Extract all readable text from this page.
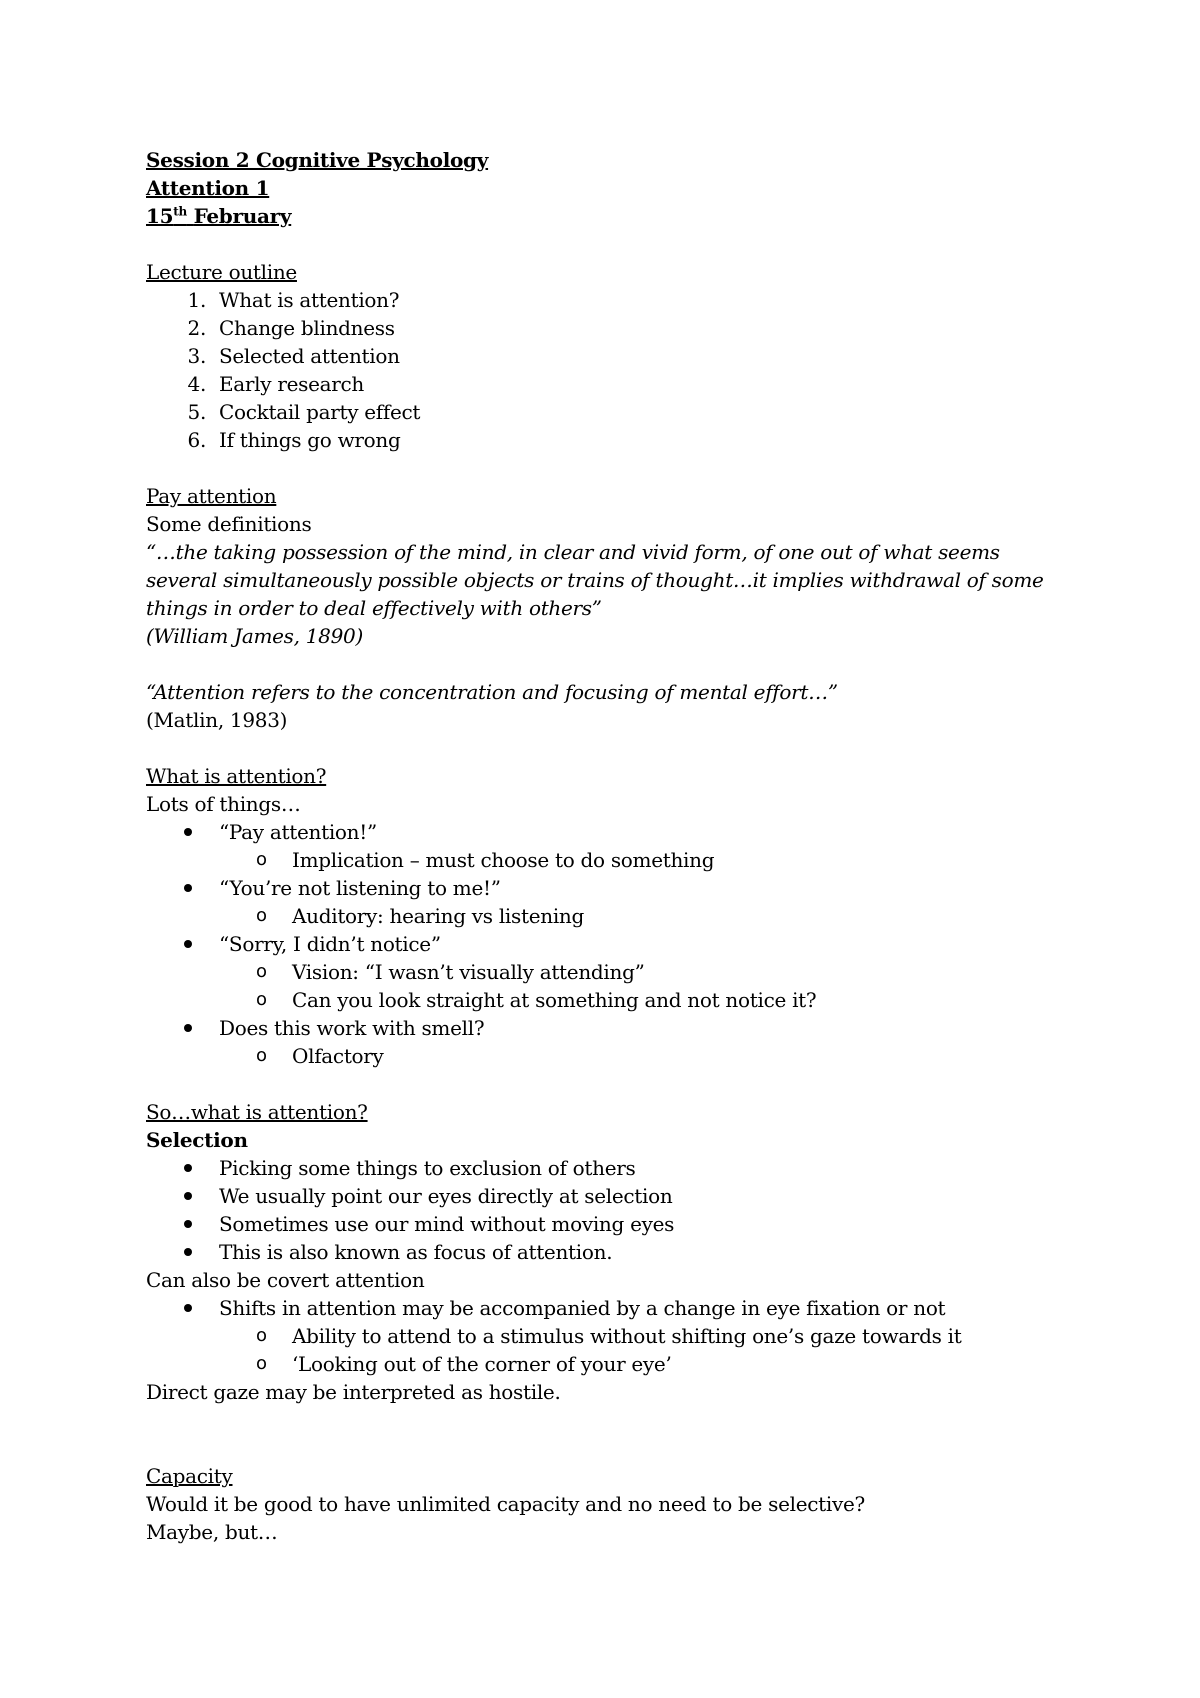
Session 2 Cognitive Psychology
Attention 1
15th February
Lecture outline
1. What is attention?
2. Change blindness
3. Selected attention
4. Early research
5. Cocktail party effect
6. If things go wrong
Pay attention
Some definitions
“…the taking possession of the mind, in clear and vivid form, of one out of what seems
several simultaneously possible objects or trains of thought…it implies withdrawal of some
things in order to deal effectively with others”
(William James, 1890)
“Attention refers to the concentration and focusing of mental effort…”
(Matlin, 1983)
What is attention?
Lots of things…
“Pay attention!”
o Implication – must choose to do something
“You’re not listening to me!”
o Auditory: hearing vs listening
“Sorry, I didn’t notice”
o Vision: “I wasn’t visually attending”
o Can you look straight at something and not notice it?
Does this work with smell?
o Olfactory
So…what is attention?
Selection
Picking some things to exclusion of others
We usually point our eyes directly at selection
Sometimes use our mind without moving eyes
This is also known as focus of attention.
Can also be covert attention
Shifts in attention may be accompanied by a change in eye fixation or not
o Ability to attend to a stimulus without shifting one’s gaze towards it
o ‘Looking out of the corner of your eye’
Direct gaze may be interpreted as hostile.
Capacity
Would it be good to have unlimited capacity and no need to be selective?
Maybe, but…
